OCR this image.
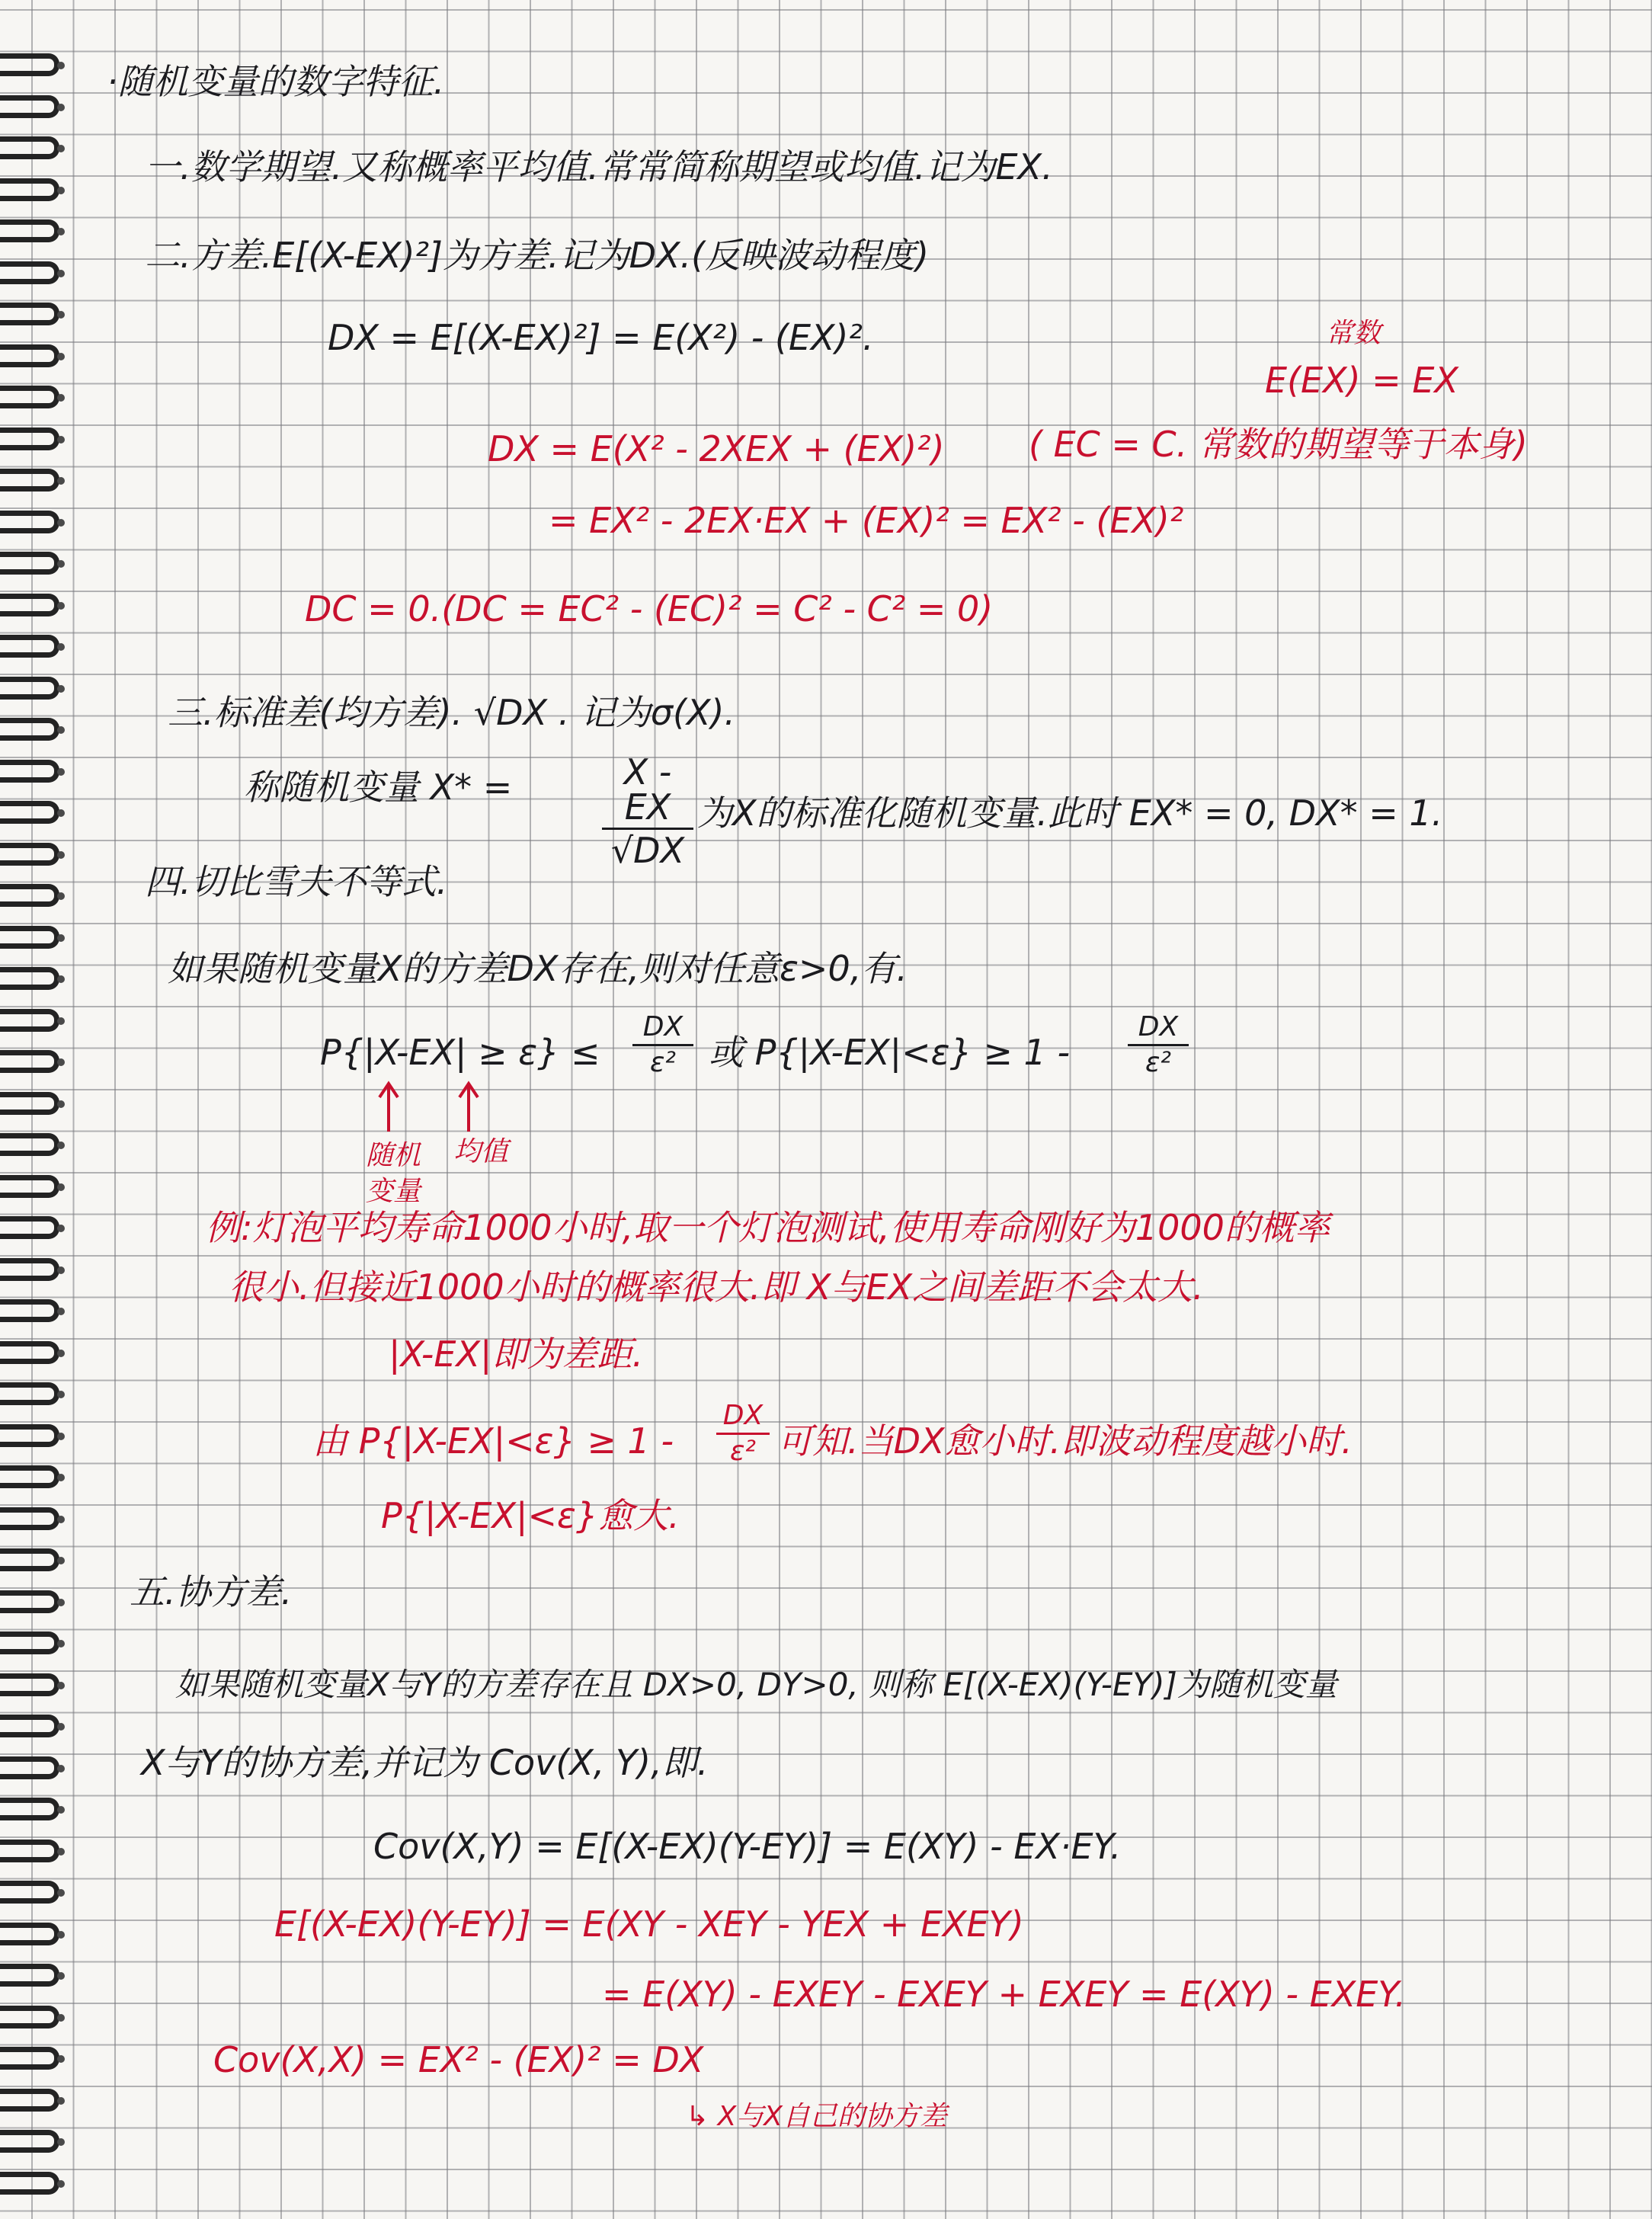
·随机变量的数字特征.
一.数学期望.又称概率平均值.常常简称期望或均值.记为EX.
二.方差.E[(X-EX)²]为方差.记为DX.(反映波动程度)
DX = E[(X-EX)²] = E(X²) - (EX)².	常数
E(EX) = EX
DX = E(X² - 2XEX + (EX)²) ( EC = C. 常数的期望等于本身)
= EX² - 2EX·EX + (EX)² = EX² - (EX)²
DC = 0.(DC = EC² - (EC)² = C² - C² = 0)
三.标准差(均方差). √DX . 记为σ(X).
称随机变量 X* =	X - EX
√DX
为X的标准化随机变量.此时 EX* = 0, DX* = 1.
四.切比雪夫不等式.
如果随机变量X的方差DX存在,则对任意ε>0,有.
P{|X-EX| ≥ ε} ≤
DX
ε² 或 P{|X-EX|<ε} ≥ 1 -
DX
ε²
随机
变量
均值
例:灯泡平均寿命1000小时,取一个灯泡测试,使用寿命刚好为1000的概率
很小.但接近1000小时的概率很大.即 X与EX之间差距不会太大.
|X-EX|即为差距.
由 P{|X-EX|<ε} ≥ 1 -
DX
ε² 可知.当DX愈小时.即波动程度越小时.
P{|X-EX|<ε}愈大.
五.协方差.
如果随机变量X与Y的方差存在且 DX>0, DY>0, 则称 E[(X-EX)(Y-EY)]为随机变量
X与Y的协方差,并记为 Cov(X, Y),即.
Cov(X,Y) = E[(X-EX)(Y-EY)] = E(XY) - EX·EY.
E[(X-EX)(Y-EY)] = E(XY - XEY - YEX + EXEY)
= E(XY) - EXEY - EXEY + EXEY = E(XY) - EXEY.
Cov(X,X) = EX² - (EX)² = DX
↳ X与X自己的协方差
